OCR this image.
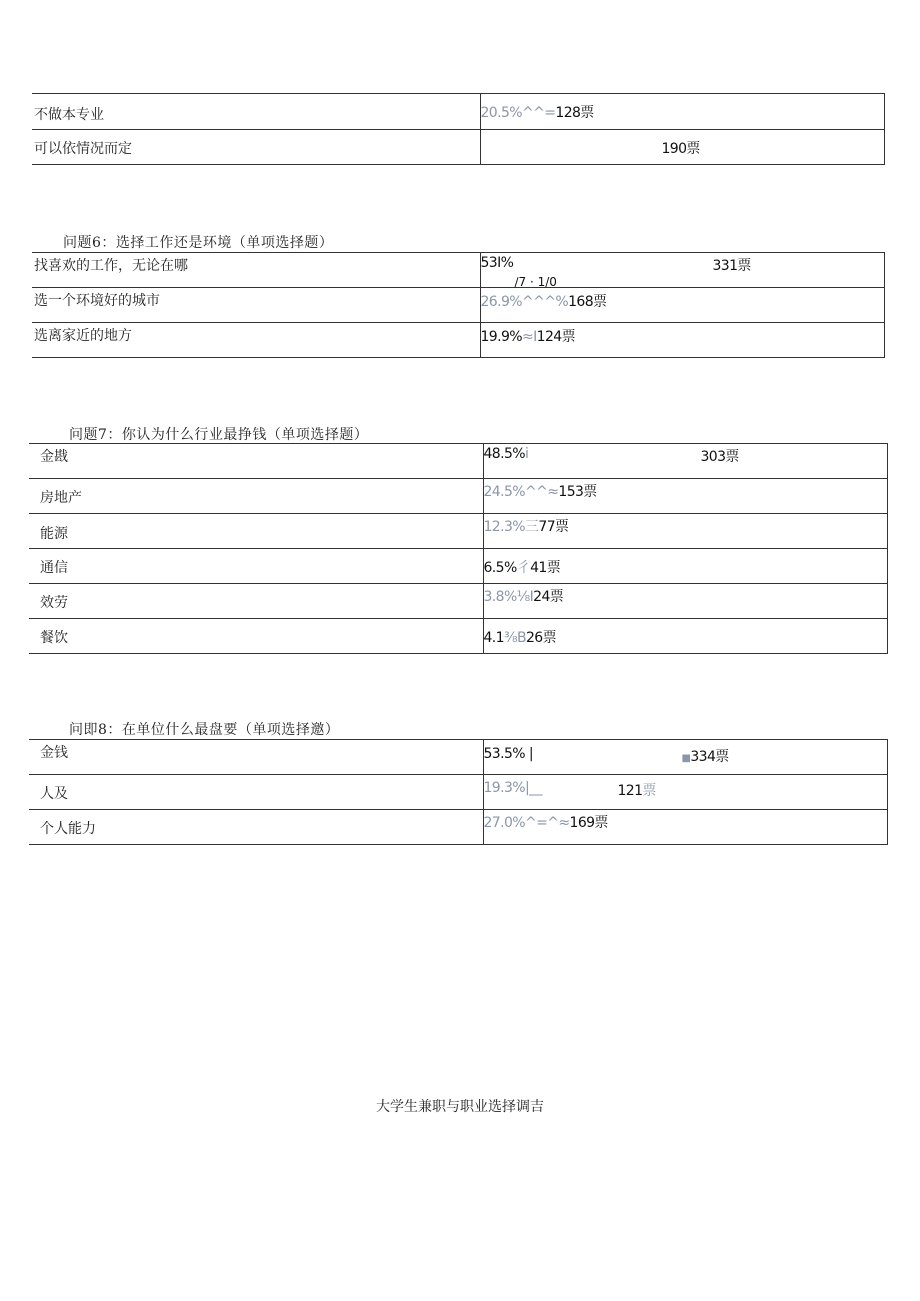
不做本专业	20.5%^^=128票

可以依情况而定	190票
问题6：选择工作还是环境（单项选择题）
找喜欢的工作，无论在哪	53I% 331票
∕7 · 1/0

选一个环境好的城市	26.9%^^^%168票

选离家近的地方	19.9%≈I124票
问题7：你认为什么行业最挣钱（单项选择题）
金戡	48.5%i 303票

房地产	24.5%^^≈153票

能源	12.3%三77票

通信	6.5%彳41票

效劳	3.8%⅛I24票

餐饮	4.1⅜B26票
问即8：在单位什么最盘要（单项选择邀）
金钱	53.5% | ■334票

人及	19.3%|__ 121票

个人能力	27.0%^=^≈169票
大学生兼职与职业选择调吉
